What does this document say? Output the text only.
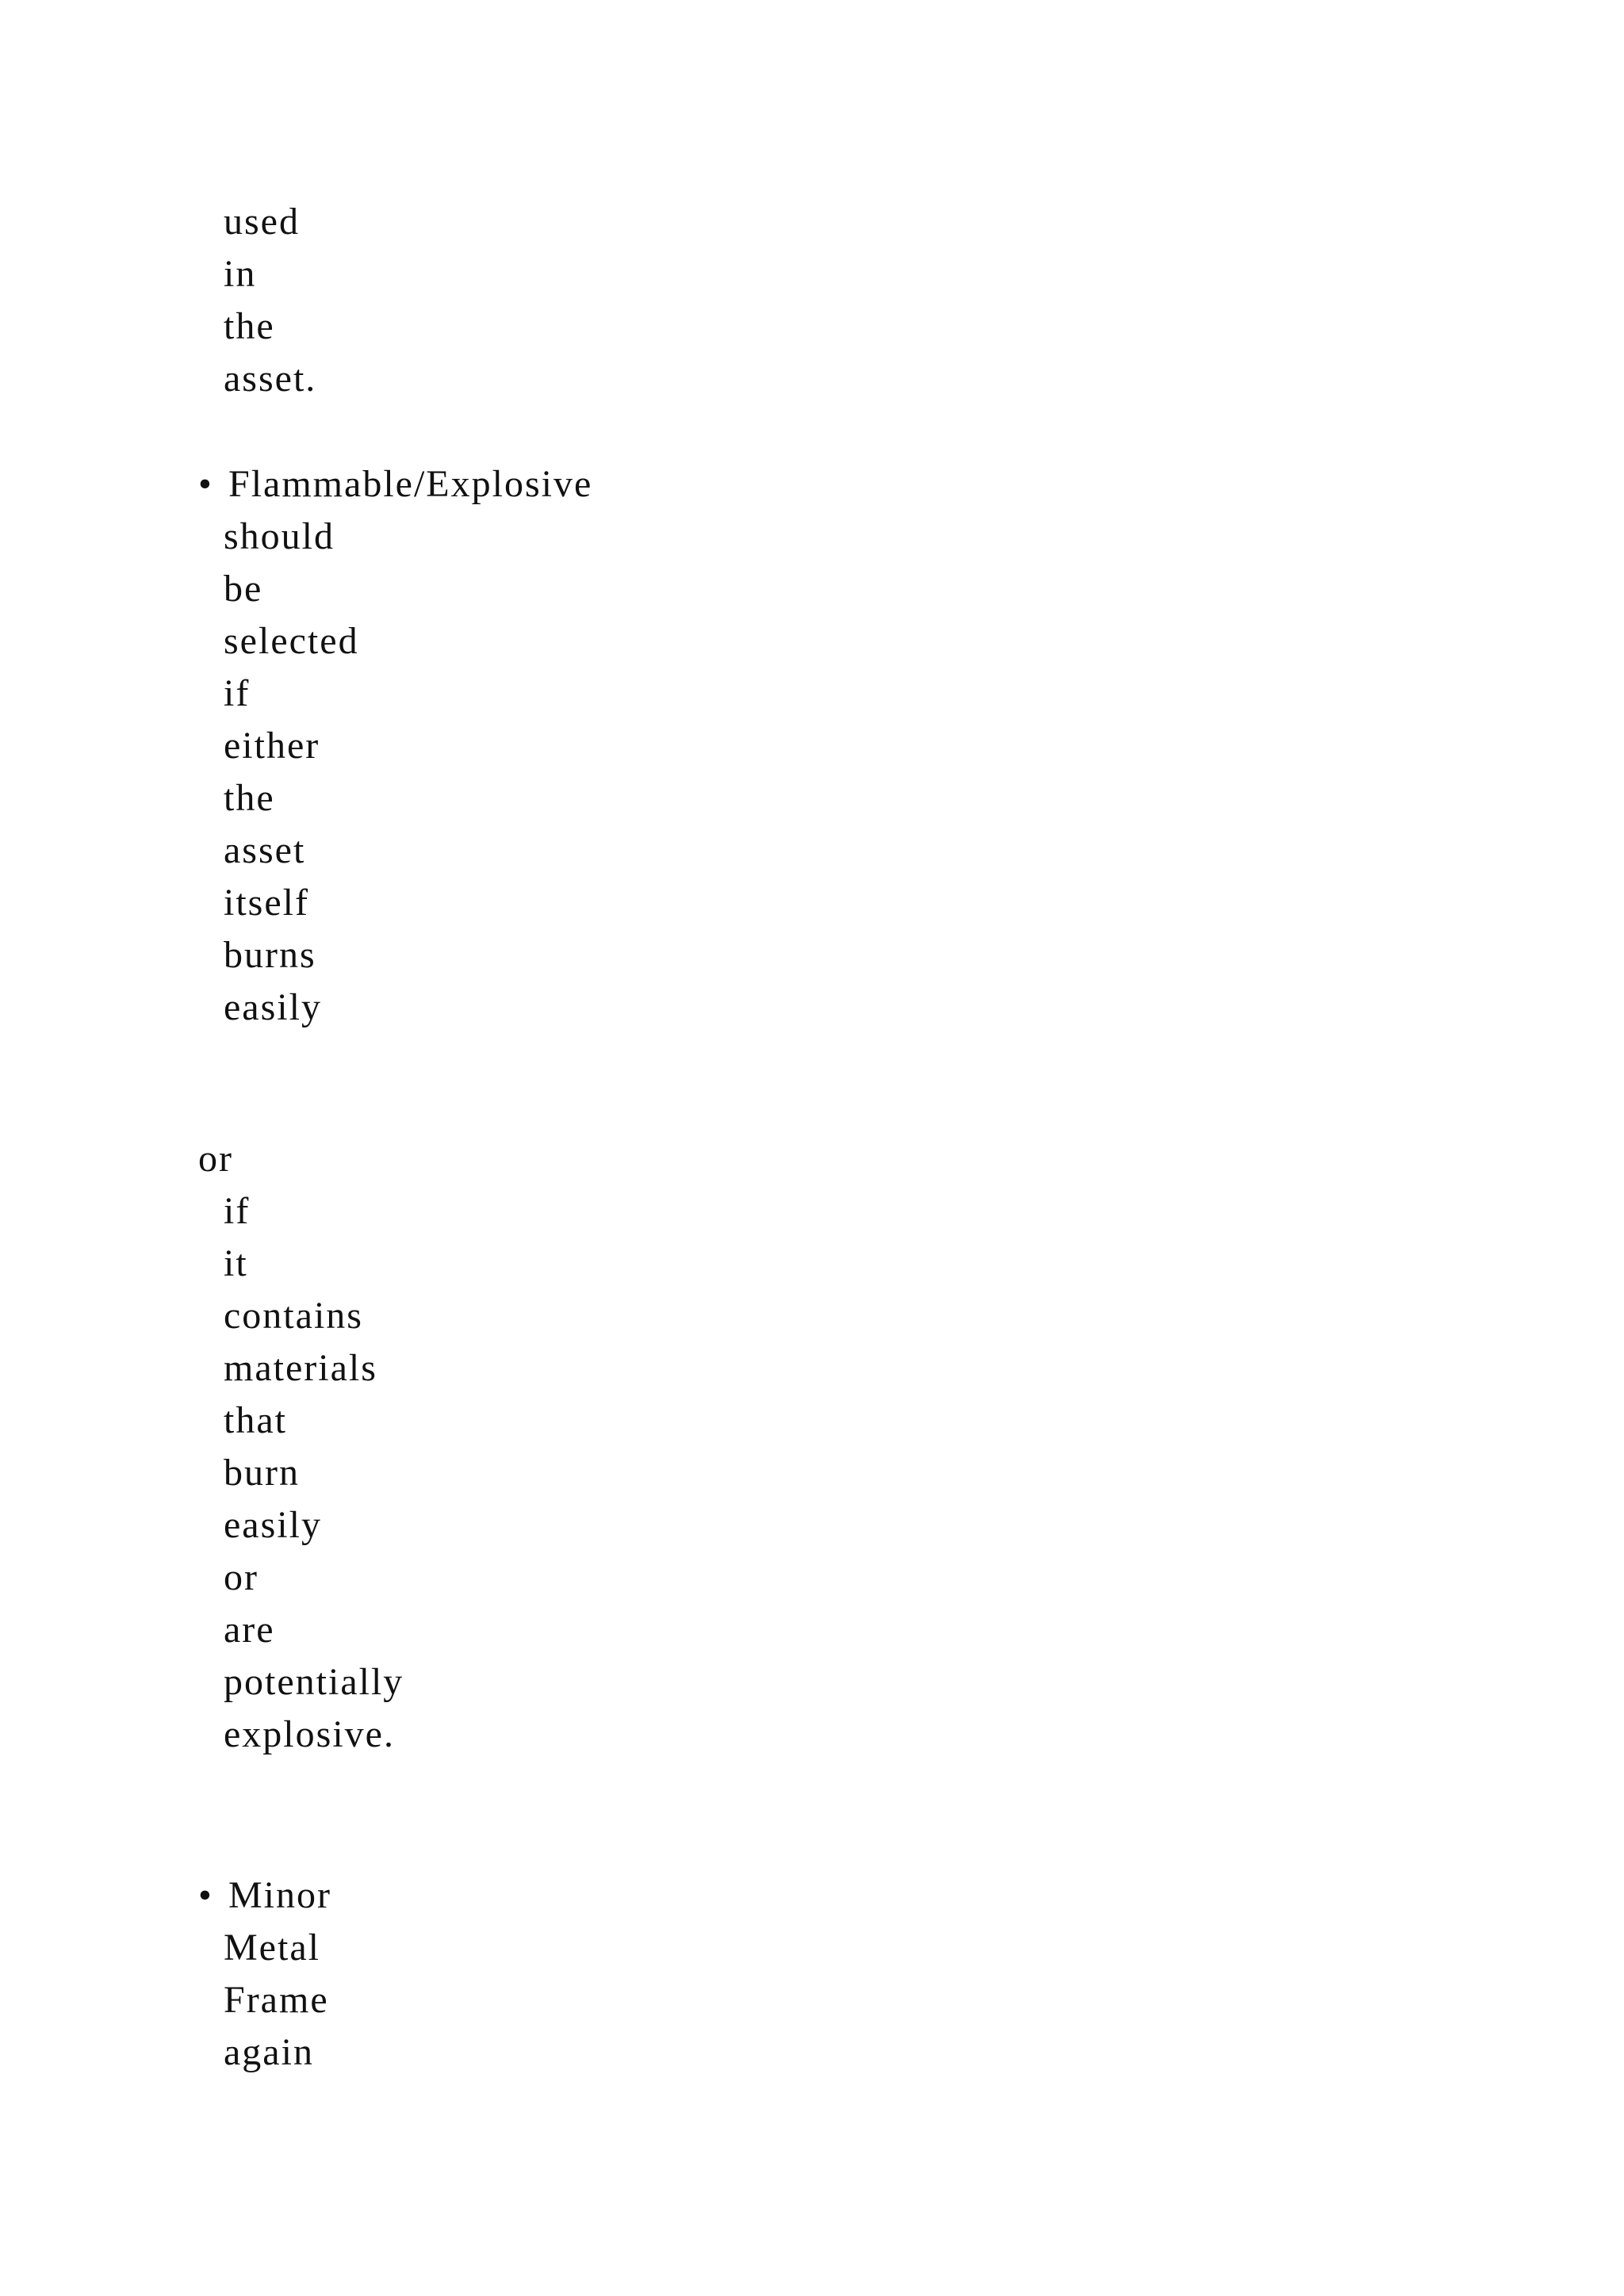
used
in
the
asset.
• Flammable/Explosive
should
be
selected
if
either
the
asset
itself
burns
easily
or
if
it
contains
materials
that
burn
easily
or
are
potentially
explosive.
• Minor
Metal
Frame
again
